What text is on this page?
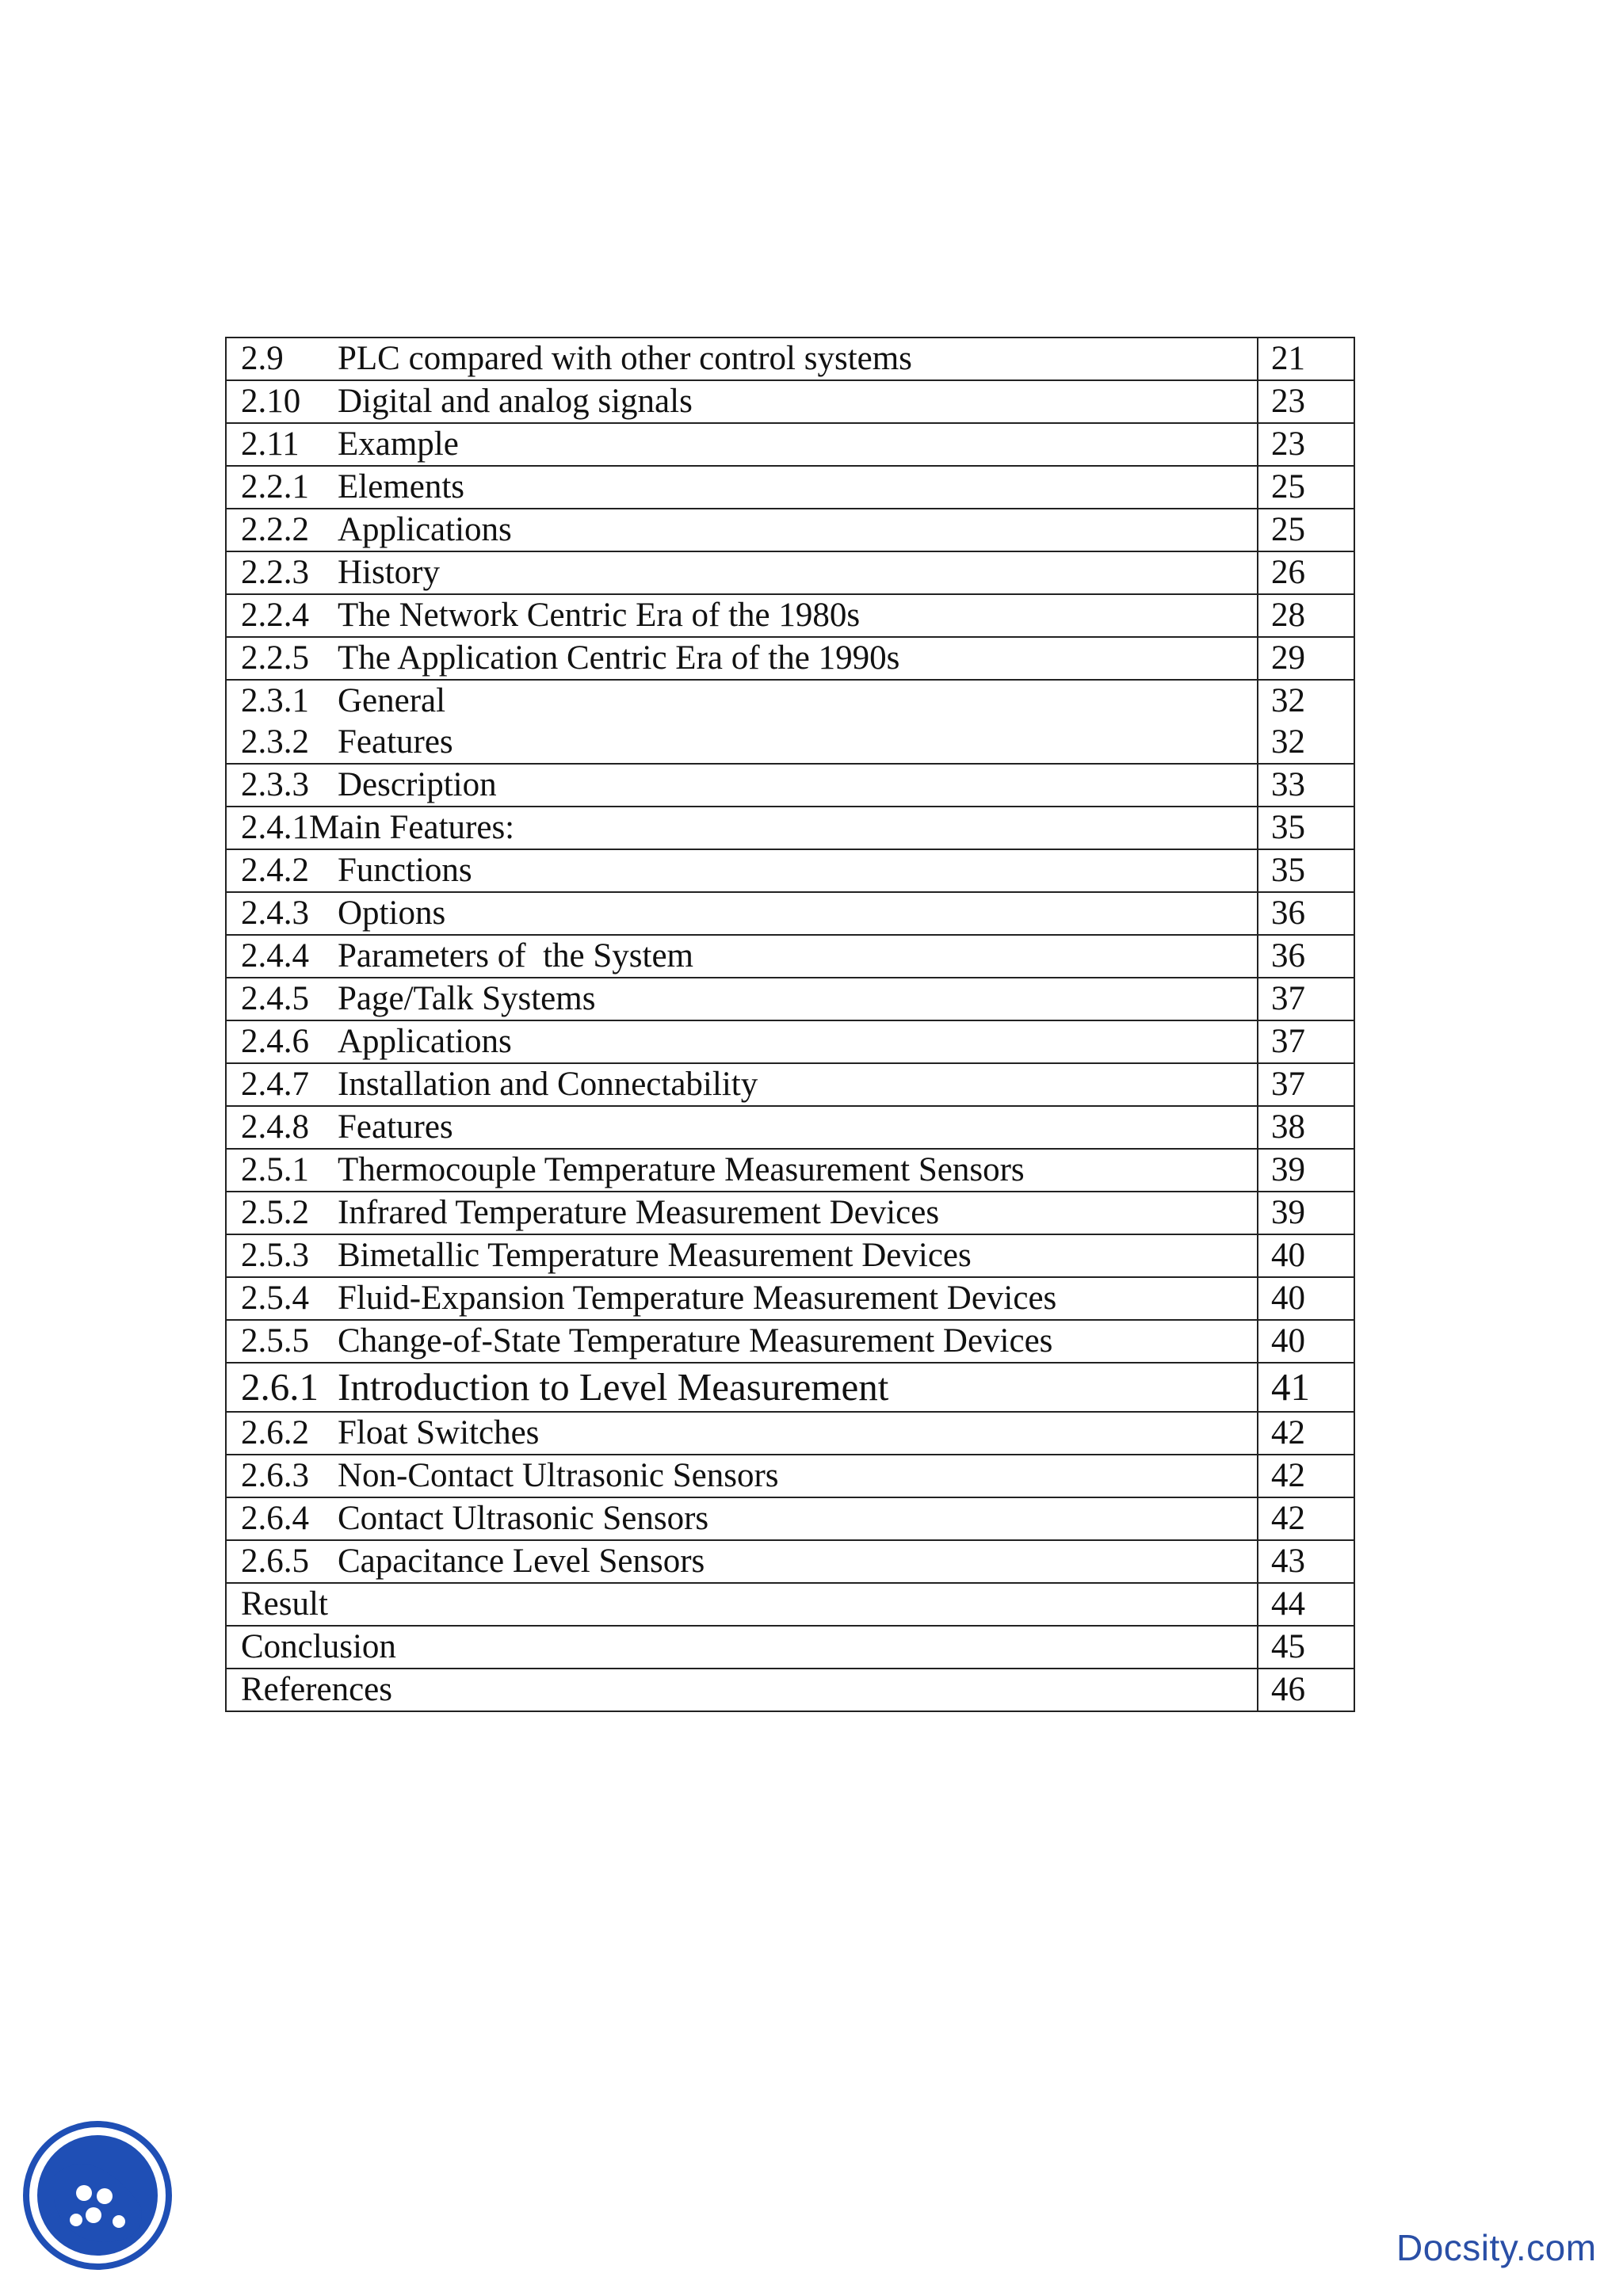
2.9 PLC compared with other control systems	21
2.10 Digital and analog signals	23
2.11 Example	23
2.2.1 Elements	25
2.2.2 Applications	25
2.2.3 History	26
2.2.4 The Network Centric Era of the 1980s	28
2.2.5 The Application Centric Era of the 1990s	29
2.3.1 General	32
2.3.2 Features	32
2.3.3 Description	33
2.4.1Main Features:	35
2.4.2 Functions	35
2.4.3 Options	36
2.4.4 Parameters of  the System	36
2.4.5 Page/Talk Systems	37
2.4.6 Applications	37
2.4.7 Installation and Connectability	37
2.4.8 Features	38
2.5.1 Thermocouple Temperature Measurement Sensors	39
2.5.2 Infrared Temperature Measurement Devices	39
2.5.3 Bimetallic Temperature Measurement Devices	40
2.5.4 Fluid-Expansion Temperature Measurement Devices	40
2.5.5 Change-of-State Temperature Measurement Devices	40
2.6.1 Introduction to Level Measurement	41
2.6.2 Float Switches	42
2.6.3 Non-Contact Ultrasonic Sensors	42
2.6.4 Contact Ultrasonic Sensors	42
2.6.5 Capacitance Level Sensors	43
Result	44
Conclusion	45
References	46
Docsity.com
